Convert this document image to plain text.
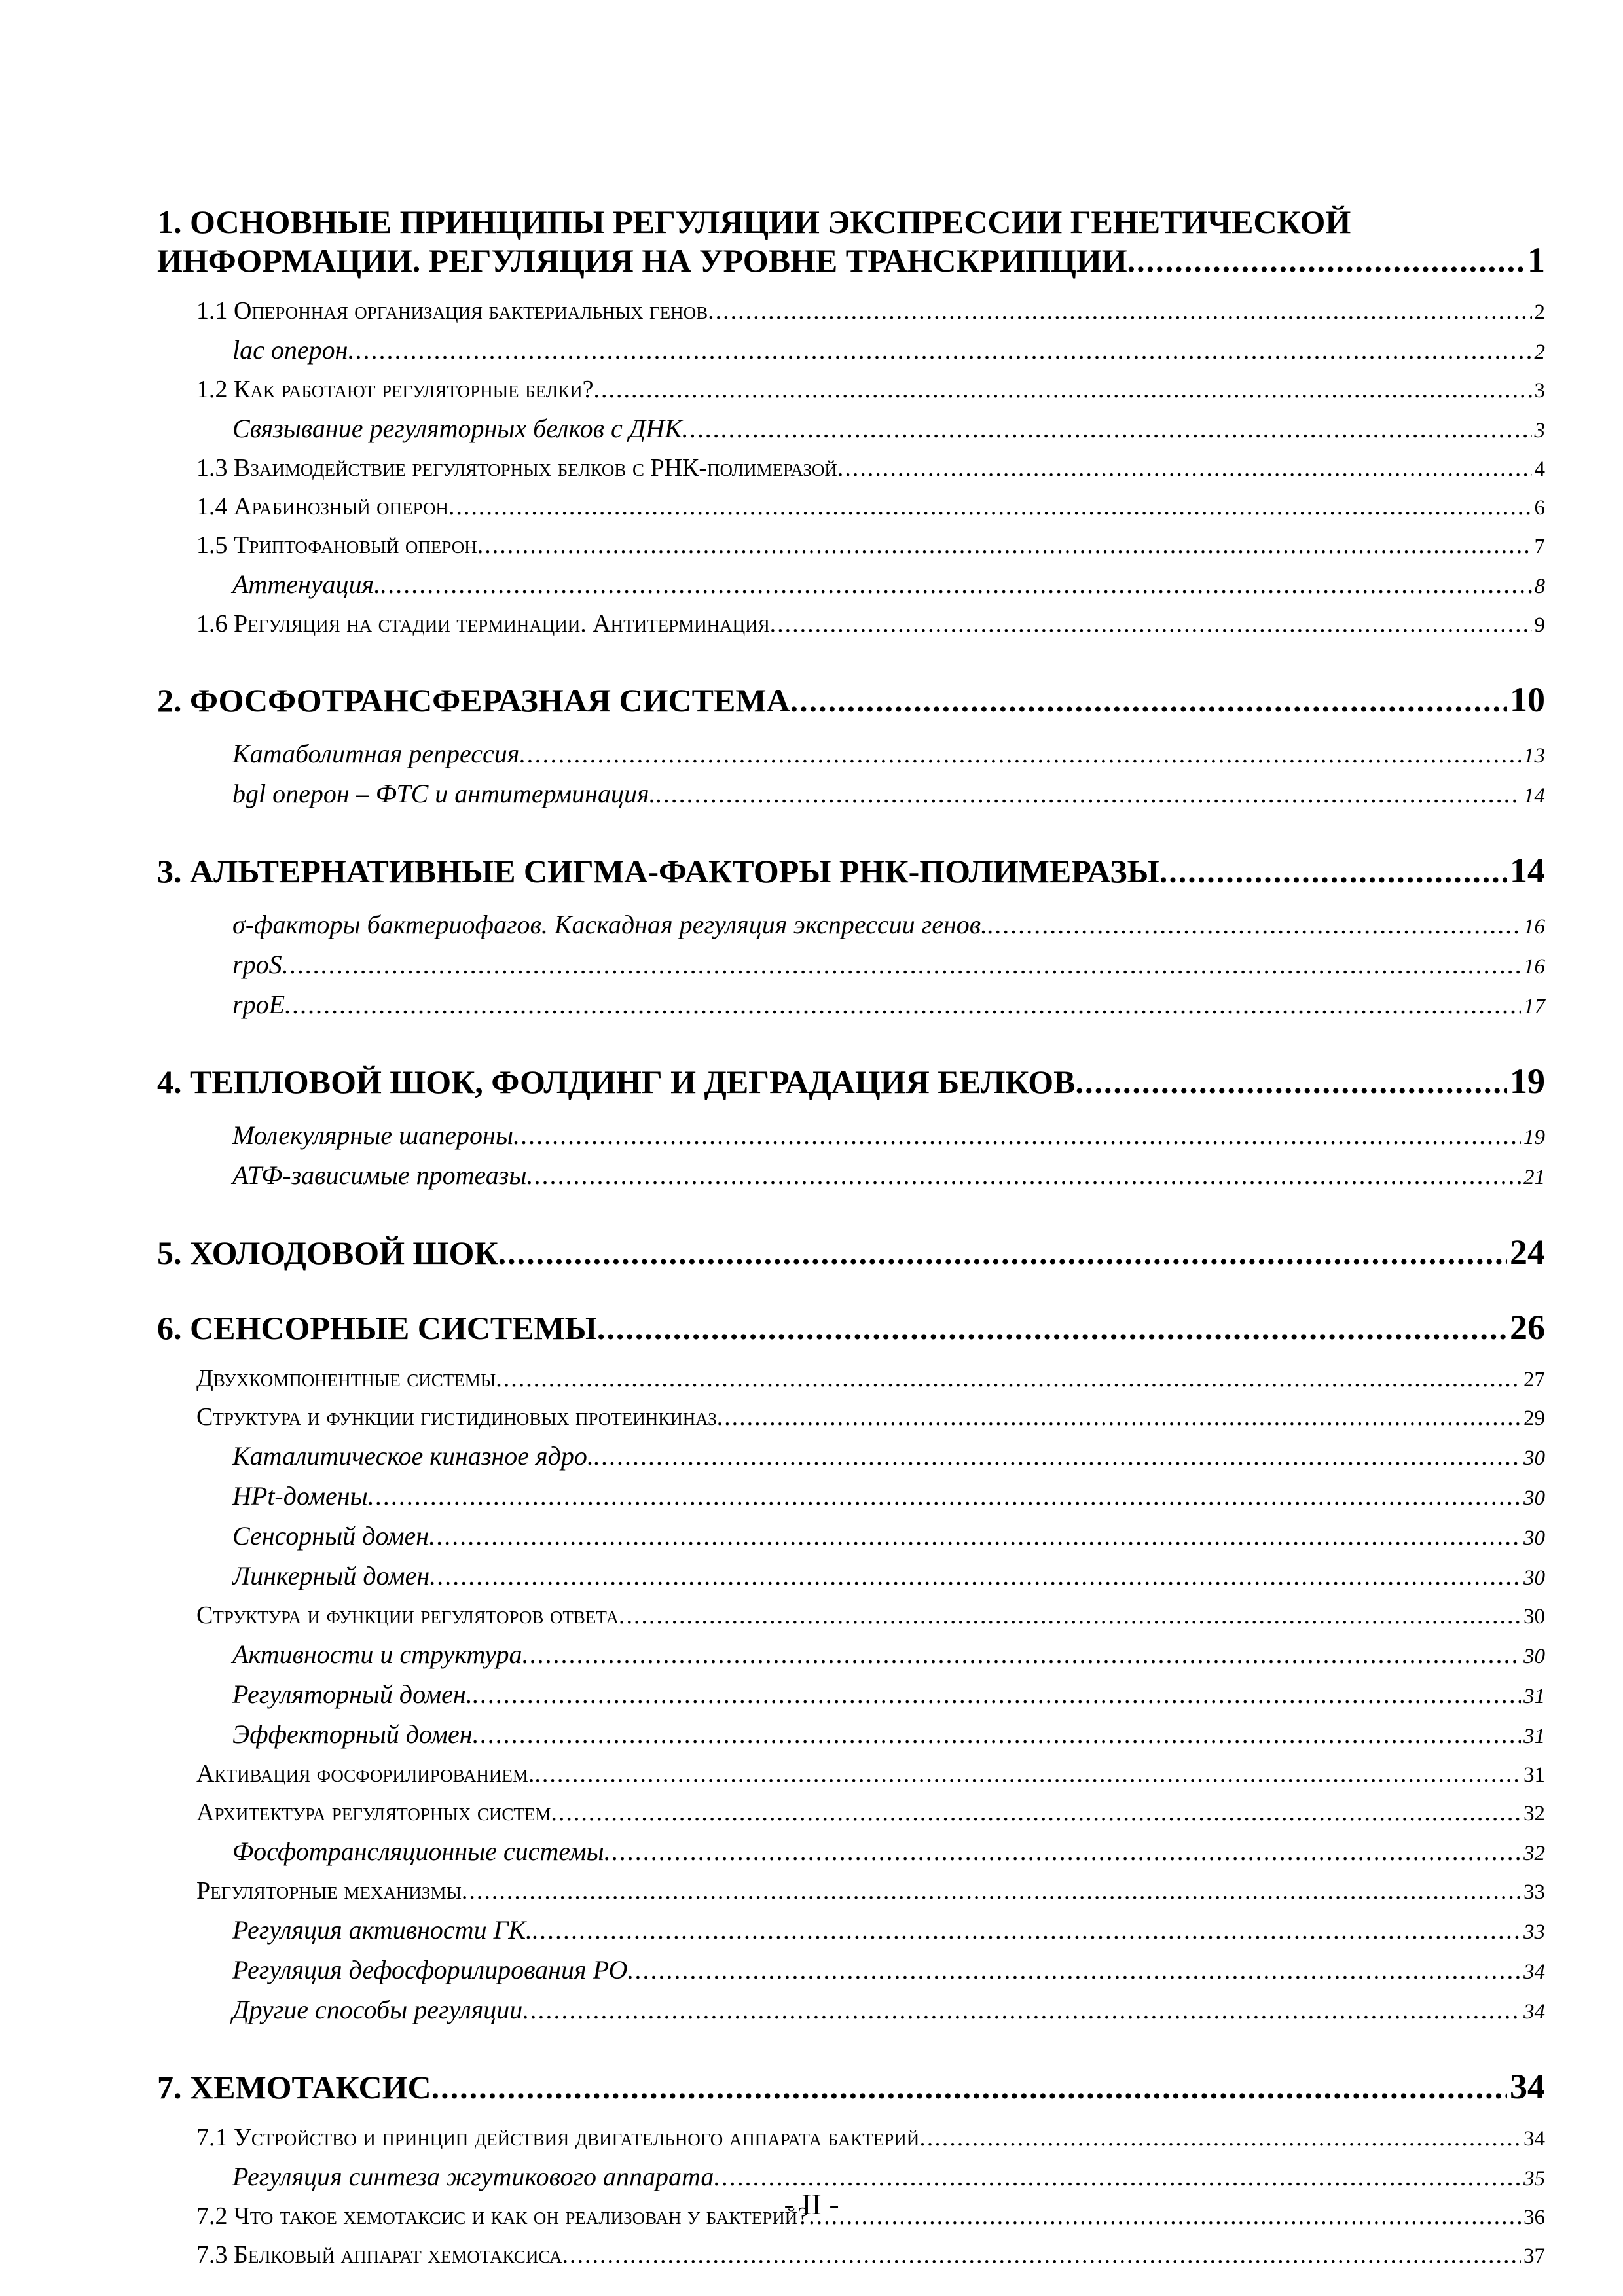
1. ОСНОВНЫЕ ПРИНЦИПЫ РЕГУЛЯЦИИ ЭКСПРЕССИИ ГЕНЕТИЧЕСКОЙ
ИНФОРМАЦИИ. РЕГУЛЯЦИЯ НА УРОВНЕ ТРАНСКРИПЦИИ .....	1
1.1 Оперонная организация бактериальных генов .....	2
lac оперон .....	2
1.2 Как работают регуляторные белки? .....	3
Связывание регуляторных белков с ДНК .....	3
1.3 Взаимодействие регуляторных белков с РНК-полимеразой .....	4
1.4 Арабинозный оперон .....	6
1.5 Триптофановый оперон .....	7
Аттенуация. .....	8
1.6 Регуляция на стадии терминации. Антитерминация .....	9
2. ФОСФОТРАНСФЕРАЗНАЯ СИСТЕМА .....	10
Катаболитная репрессия .....	13
bgl оперон – ФТС и антитерминация. .....	14
3. АЛЬТЕРНАТИВНЫЕ СИГМА-ФАКТОРЫ РНК-ПОЛИМЕРАЗЫ .....	14
σ-факторы бактериофагов. Каскадная регуляция экспрессии генов. .....	16
rpoS .....	16
rpoE .....	17
4. ТЕПЛОВОЙ ШОК, ФОЛДИНГ И ДЕГРАДАЦИЯ БЕЛКОВ .....	19
Молекулярные шапероны .....	19
АТФ-зависимые протеазы .....	21
5. ХОЛОДОВОЙ ШОК .....	24
6. СЕНСОРНЫЕ СИСТЕМЫ .....	26
Двухкомпонентные системы .....	27
Структура и функции гистидиновых протеинкиназ .....	29
Каталитическое киназное ядро. .....	30
HPt-домены .....	30
Сенсорный домен .....	30
Линкерный домен .....	30
Структура и функции регуляторов ответа .....	30
Активности и структура .....	30
Регуляторный домен. .....	31
Эффекторный домен .....	31
Активация фосфорилированием. .....	31
Архитектура регуляторных систем .....	32
Фосфотрансляционные системы .....	32
Регуляторные механизмы .....	33
Регуляция активности ГК. .....	33
Регуляция дефосфорилирования РО .....	34
Другие способы регуляции .....	34
7. ХЕМОТАКСИС .....	34
7.1 Устройство и принцип действия двигательного аппарата бактерий .....	34
Регуляция синтеза жгутикового аппарата .....	35
7.2 Что такое хемотаксис и как он реализован у бактерий? .....	36
7.3 Белковый аппарат хемотаксиса .....	37
- II -
